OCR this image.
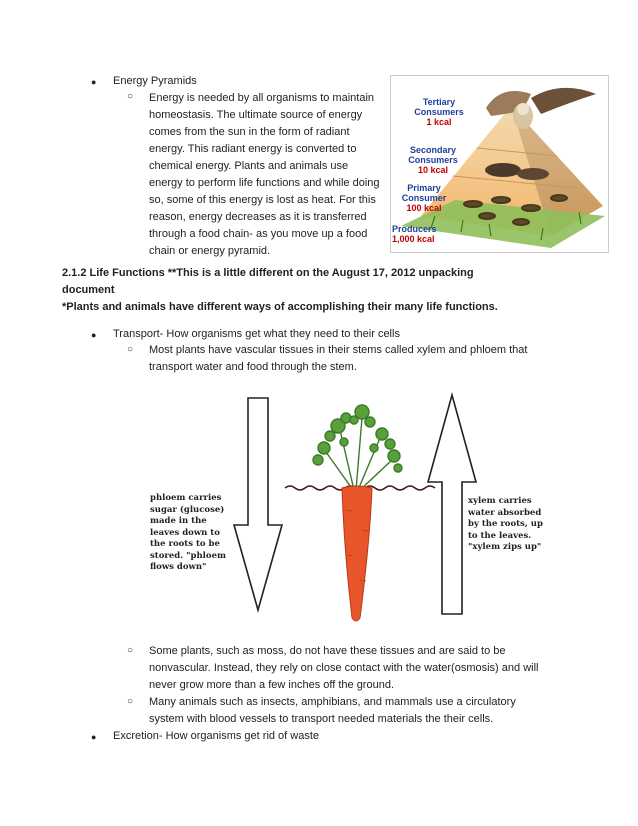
● Energy Pyramids
○ Energy is needed by all organisms to maintain
homeostasis. The ultimate source of energy
comes from the sun in the form of radiant
energy. This radiant energy is converted to
chemical energy. Plants and animals use
energy to perform life functions and while doing
so, some of this energy is lost as heat. For this
reason, energy decreases as it is transferred
through a food chain- as you move up a food
chain or energy pyramid.
Tertiary
Consumers
1 kcal
Secondary
Consumers
10 kcal
Primary
Consumer
100 kcal
Producers
1,000 kcal
2.1.2 Life Functions **This is a little different on the August 17, 2012 unpacking
document
*Plants and animals have different ways of accomplishing their many life functions.
● Transport- How organisms get what they need to their cells
○ Most plants have vascular tissues in their stems called xylem and phloem that
transport water and food through the stem.
phloem carries
sugar (glucose)
made in the
leaves down to
the roots to be
stored. "phloem
flows down"
xylem carries
water absorbed
by the roots, up
to the leaves.
"xylem zips up"
○ Some plants, such as moss, do not have these tissues and are said to be
nonvascular. Instead, they rely on close contact with the water(osmosis) and will
never grow more than a few inches off the ground.
○ Many animals such as insects, amphibians, and mammals use a circulatory
system with blood vessels to transport needed materials the their cells.
● Excretion- How organisms get rid of waste
